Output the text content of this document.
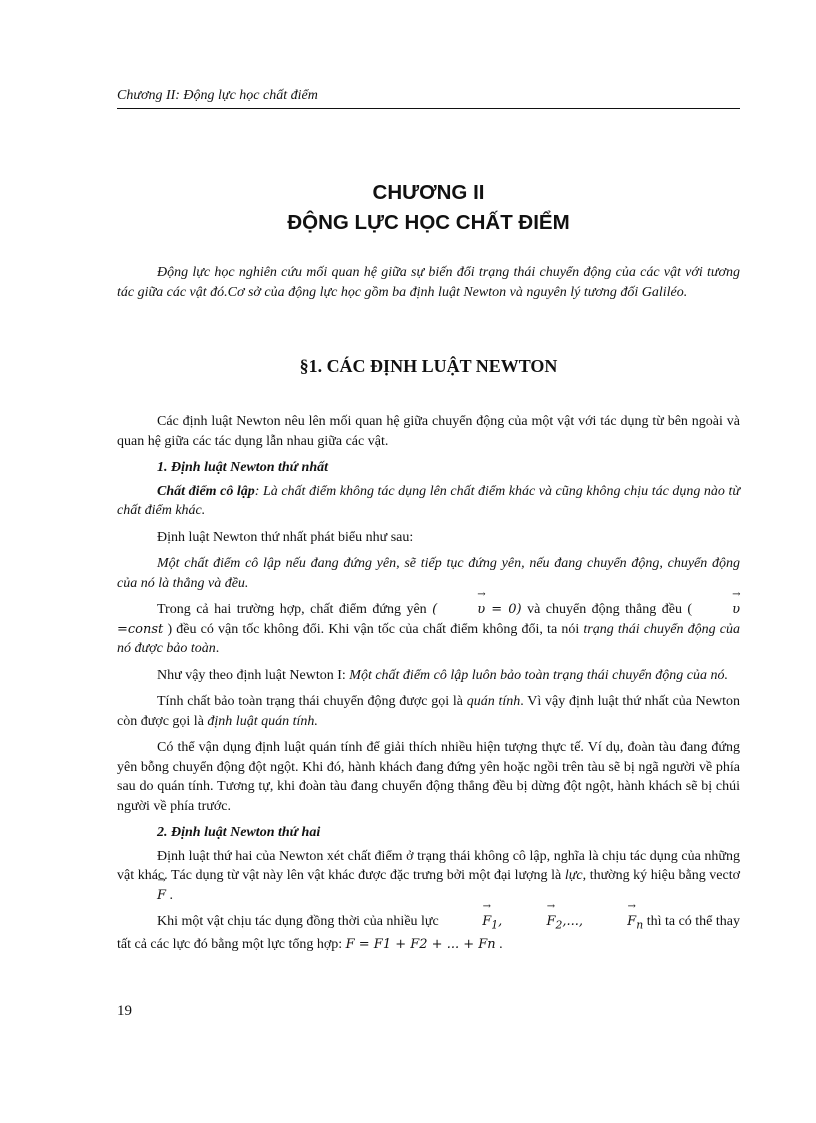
Chương II: Động lực học chất điểm
CHƯƠNG II
ĐỘNG LỰC HỌC CHẤT ĐIỂM

Động lực học nghiên cứu mối quan hệ giữa sự biến đổi trạng thái chuyển động của các vật với tương tác giữa các vật đó.Cơ sở của động lực học gồm ba định luật Newton và nguyên lý tương đối Galiléo.

§1. CÁC ĐỊNH LUẬT NEWTON

Các định luật Newton nêu lên mối quan hệ giữa chuyển động của một vật với tác dụng từ bên ngoài và quan hệ giữa các tác dụng lẫn nhau giữa các vật.

1. Định luật Newton thứ nhất

Chất điểm cô lập: Là chất điểm không tác dụng lên chất điểm khác và cũng không chịu tác dụng nào từ chất điểm khác.

Định luật Newton thứ nhất phát biểu như sau:

Một chất điểm cô lập nếu đang đứng yên, sẽ tiếp tục đứng yên, nếu đang chuyển động, chuyển động của nó là thẳng và đều.

Trong cả hai trường hợp, chất điểm đứng yên (	→ υ = 0) và chuyển động thẳng đều (	→ υ =const ) đều có vận tốc không đổi. Khi vận tốc của chất điểm không đổi, ta nói trạng thái chuyển động của nó được bảo toàn.

Như vậy theo định luật Newton I: Một chất điểm cô lập luôn bảo toàn trạng thái chuyển động của nó.

Tính chất bảo toàn trạng thái chuyển động được gọi là quán tính. Vì vậy định luật thứ nhất của Newton còn được gọi là định luật quán tính.

Có thể vận dụng định luật quán tính để giải thích nhiều hiện tượng thực tế. Ví dụ, đoàn tàu đang đứng yên bỗng chuyển động đột ngột. Khi đó, hành khách đang đứng yên hoặc ngồi trên tàu sẽ bị ngã người về phía sau do quán tính. Tương tự, khi đoàn tàu đang chuyển động thẳng đều bị dừng đột ngột, hành khách sẽ bị chúi người về phía trước.

2. Định luật Newton thứ hai

Định luật thứ hai của Newton xét chất điểm ở trạng thái không cô lập, nghĩa là chịu tác dụng của những vật khác. Tác dụng từ vật này lên vật khác được đặc trưng bởi một đại lượng là lực, thường ký hiệu bằng vectơ → F .

Khi một vật chịu tác dụng đồng thời của nhiều lực	→ $F_1$,	→ $F_2$,...,	→ $F_n$ thì ta có thể thay tất cả các lực đó bằng một lực tổng hợp: F = F1 + F2 + ... + Fn .

19
